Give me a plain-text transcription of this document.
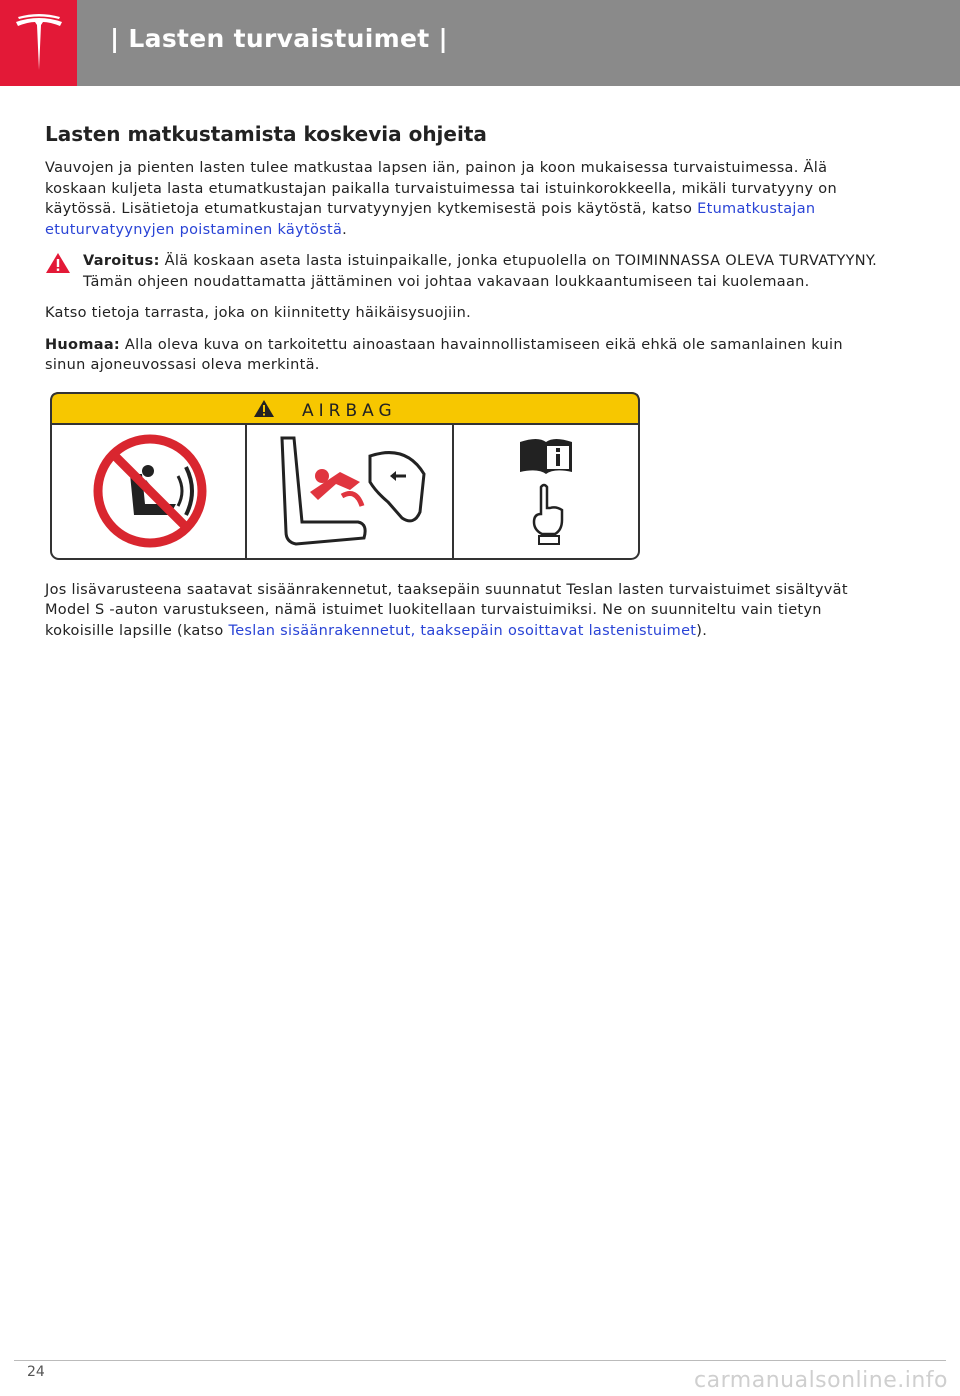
| Lasten turvaistuimet |
Lasten matkustamista koskevia ohjeita

Vauvojen ja pienten lasten tulee matkustaa lapsen iän, painon ja koon mukaisessa turvaistuimessa. Älä koskaan kuljeta lasta etumatkustajan paikalla turvaistuimessa tai istuinkorokkeella, mikäli turvatyyny on käytössä. Lisätietoja etumatkustajan turvatyynyjen kytkemisestä pois käytöstä, katso Etumatkustajan etuturvatyynyjen poistaminen käytöstä.

Varoitus: Älä koskaan aseta lasta istuinpaikalle, jonka etupuolella on TOIMINNASSA OLEVA TURVATYYNY. Tämän ohjeen noudattamatta jättäminen voi johtaa vakavaan loukkaantumiseen tai kuolemaan.

Katso tietoja tarrasta, joka on kiinnitetty häikäisysuojiin.

Huomaa: Alla oleva kuva on tarkoitettu ainoastaan havainnollistamiseen eikä ehkä ole samanlainen kuin sinun ajoneuvossasi oleva merkintä.

AIRBAG

Jos lisävarusteena saatavat sisäänrakennetut, taaksepäin suunnatut Teslan lasten turvaistuimet sisältyvät Model S -auton varustukseen, nämä istuimet luokitellaan turvaistuimiksi. Ne on suunniteltu vain tietyn kokoisille lapsille (katso Teslan sisäänrakennetut, taaksepäin osoittavat lastenistuimet).

24	carmanualsonline.info
